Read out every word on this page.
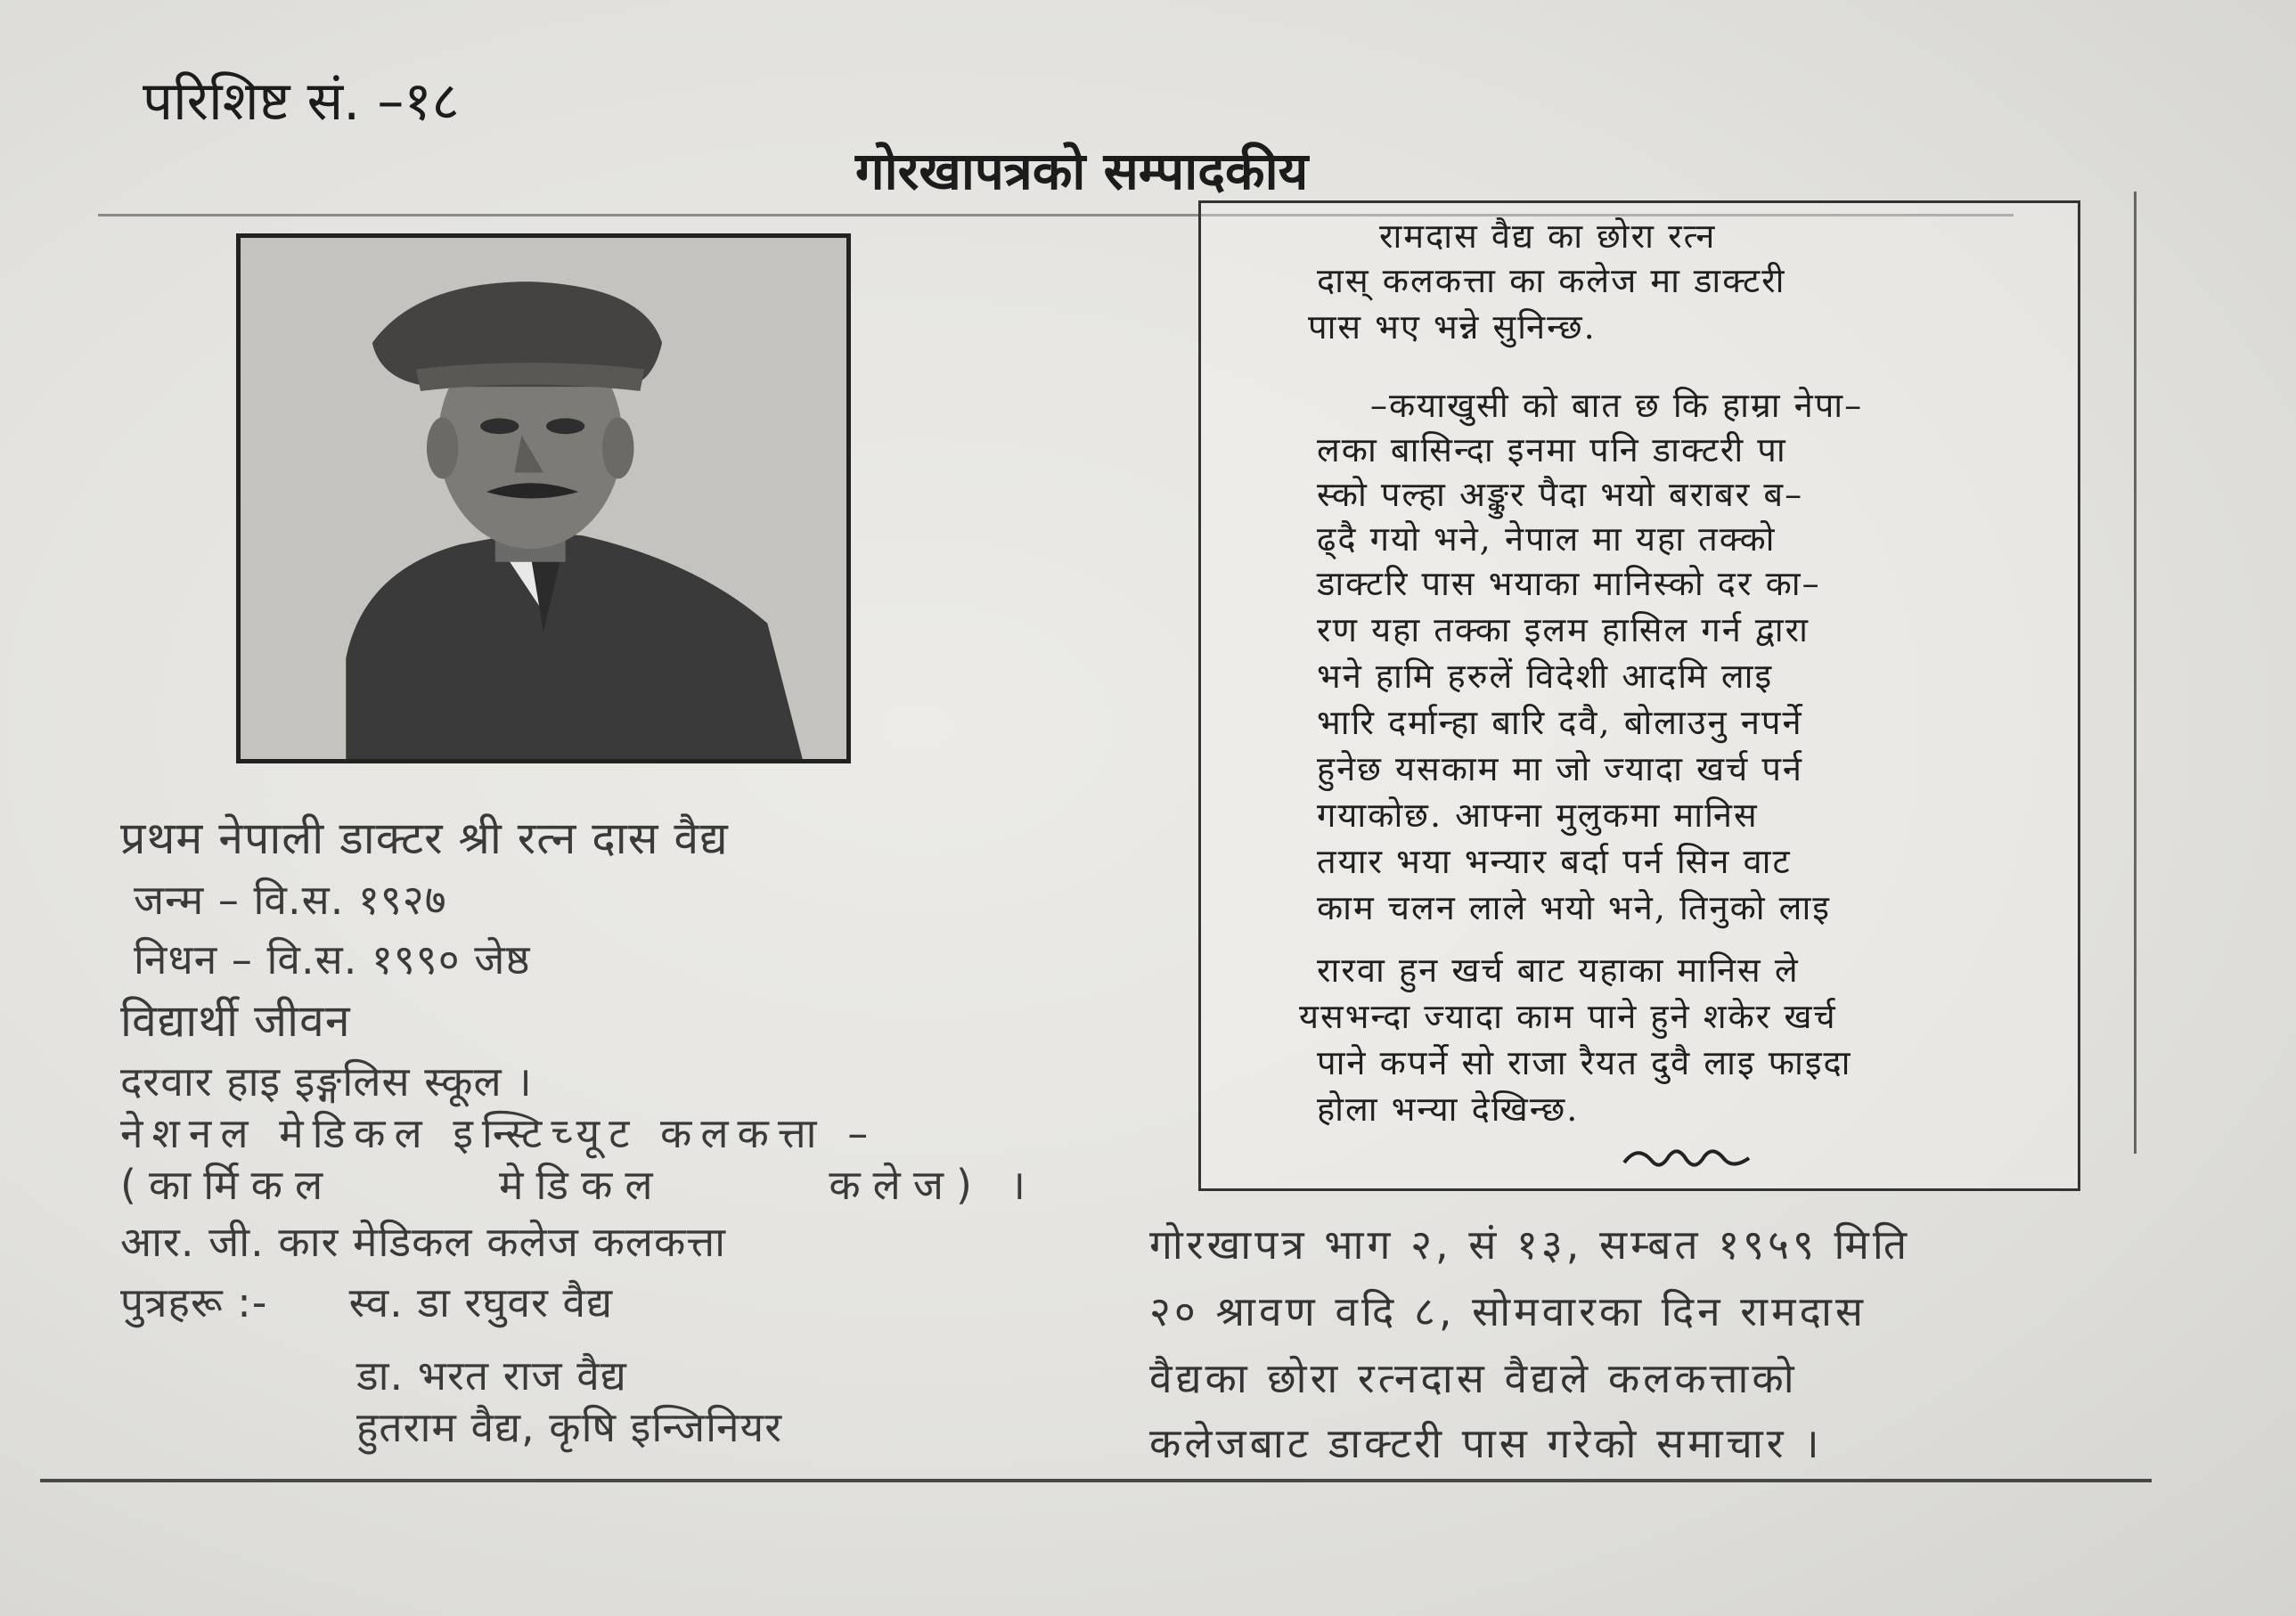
परिशिष्ट सं. –१८
गोरखापत्रको सम्पादकीय
प्रथम नेपाली डाक्टर श्री रत्न दास वैद्य
जन्म – वि.स. १९२७
निधन – वि.स. १९९० जेष्ठ
विद्यार्थी जीवन
दरवार हाइ इङ्गलिस स्कूल ।
नेशनल मेडिकल इन्स्टिच्यूट कलकत्ता –
(कार्मिकल	मेडिकल	कलेज) ।
आर. जी. कार मेडिकल कलेज कलकत्ता
पुत्रहरू :- स्व. डा रघुवर वैद्य
डा. भरत राज वैद्य
हुतराम वैद्य, कृषि इन्जिनियर
रामदास वैद्य का छोरा रत्न
दास् कलकत्ता का कलेज मा डाक्टरी
पास भए भन्ने सुनिन्छ.
–कयाखुसी को बात छ कि हाम्रा नेपा–
लका बासिन्दा इनमा पनि डाक्टरी पा
स्को पल्हा अङ्कुर पैदा भयो बराबर ब–
ढ्दै गयो भने, नेपाल मा यहा तक्को
डाक्टरि पास भयाका मानिस्को दर का–
रण यहा तक्का इलम हासिल गर्न द्वारा
भने हामि हरुलें विदेशी आदमि लाइ
भारि दर्मान्हा बारि दवै, बोलाउनु नपर्ने
हुनेछ यसकाम मा जो ज्यादा खर्च पर्न
गयाकोछ. आफ्ना मुलुकमा मानिस
तयार भया भन्यार बर्दा पर्न सिन वाट
काम चलन लाले भयो भने, तिनुको लाइ
रारवा हुन खर्च बाट यहाका मानिस ले
यसभन्दा ज्यादा काम पाने हुने शकेर खर्च
पाने कपर्ने सो राजा रैयत दुवै लाइ फाइदा
होला भन्या देखिन्छ.
गोरखापत्र भाग २, सं १३, सम्बत १९५९ मिति
२० श्रावण वदि ८, सोमवारका दिन रामदास
वैद्यका छोरा रत्नदास वैद्यले कलकत्ताको
कलेजबाट डाक्टरी पास गरेको समाचार ।
